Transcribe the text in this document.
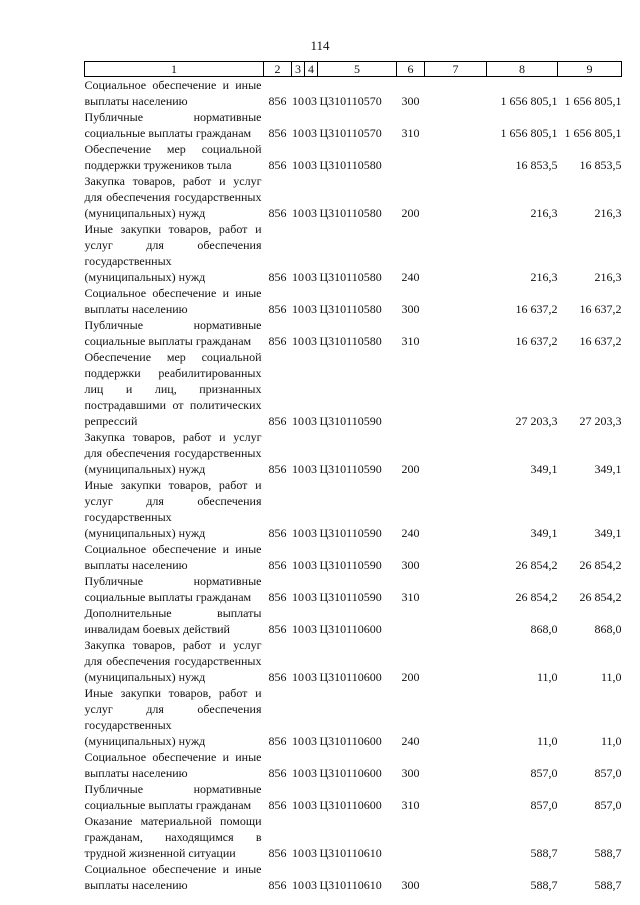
114
1	2	3	4	5	6	7	8	9
Социальное обеспечение и иные выплаты населению	856	10	03	Ц310110570	300		1 656 805,1	1 656 805,1
Публичные нормативные социальные выплаты гражданам	856	10	03	Ц310110570	310		1 656 805,1	1 656 805,1
Обеспечение мер социальной поддержки тружеников тыла	856	10	03	Ц310110580			16 853,5	16 853,5
Закупка товаров, работ и услуг для обеспечения государственных (муниципальных) нужд	856	10	03	Ц310110580	200		216,3	216,3
Иные закупки товаров, работ и услуг для обеспечения государственных (муниципальных) нужд	856	10	03	Ц310110580	240		216,3	216,3
Социальное обеспечение и иные выплаты населению	856	10	03	Ц310110580	300		16 637,2	16 637,2
Публичные нормативные социальные выплаты гражданам	856	10	03	Ц310110580	310		16 637,2	16 637,2
Обеспечение мер социальной поддержки реабилитированных лиц и лиц, признанных пострадавшими от политических репрессий	856	10	03	Ц310110590			27 203,3	27 203,3
Закупка товаров, работ и услуг для обеспечения государственных (муниципальных) нужд	856	10	03	Ц310110590	200		349,1	349,1
Иные закупки товаров, работ и услуг для обеспечения государственных (муниципальных) нужд	856	10	03	Ц310110590	240		349,1	349,1
Социальное обеспечение и иные выплаты населению	856	10	03	Ц310110590	300		26 854,2	26 854,2
Публичные нормативные социальные выплаты гражданам	856	10	03	Ц310110590	310		26 854,2	26 854,2
Дополнительные выплаты инвалидам боевых действий	856	10	03	Ц310110600			868,0	868,0
Закупка товаров, работ и услуг для обеспечения государственных (муниципальных) нужд	856	10	03	Ц310110600	200		11,0	11,0
Иные закупки товаров, работ и услуг для обеспечения государственных (муниципальных) нужд	856	10	03	Ц310110600	240		11,0	11,0
Социальное обеспечение и иные выплаты населению	856	10	03	Ц310110600	300		857,0	857,0
Публичные нормативные социальные выплаты гражданам	856	10	03	Ц310110600	310		857,0	857,0
Оказание материальной помощи гражданам, находящимся в трудной жизненной ситуации	856	10	03	Ц310110610			588,7	588,7
Социальное обеспечение и иные выплаты населению	856	10	03	Ц310110610	300		588,7	588,7
